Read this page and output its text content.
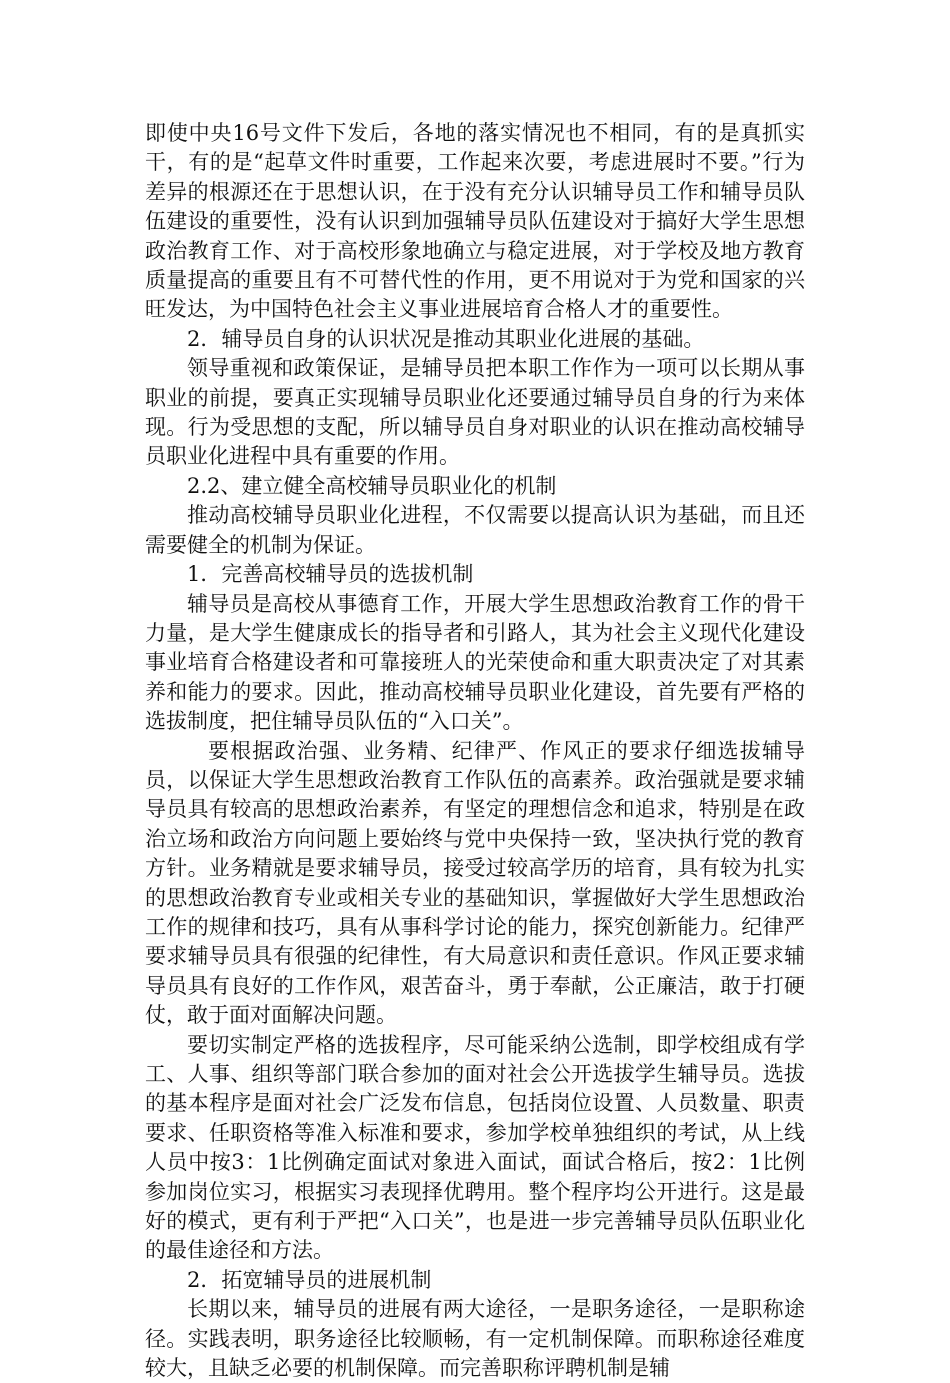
即使中央16号文件下发后，各地的落实情况也不相同，有的是真抓实干，有的是“起草文件时重要，工作起来次要，考虑进展时不要。”行为差异的根源还在于思想认识，在于没有充分认识辅导员工作和辅导员队伍建设的重要性，没有认识到加强辅导员队伍建设对于搞好大学生思想政治教育工作、对于高校形象地确立与稳定进展，对于学校及地方教育质量提高的重要且有不可替代性的作用，更不用说对于为党和国家的兴旺发达，为中国特色社会主义事业进展培育合格人才的重要性。

2．辅导员自身的认识状况是推动其职业化进展的基础。

领导重视和政策保证，是辅导员把本职工作作为一项可以长期从事职业的前提，要真正实现辅导员职业化还要通过辅导员自身的行为来体现。行为受思想的支配，所以辅导员自身对职业的认识在推动高校辅导员职业化进程中具有重要的作用。

2.2、建立健全高校辅导员职业化的机制

推动高校辅导员职业化进程，不仅需要以提高认识为基础，而且还需要健全的机制为保证。

1．完善高校辅导员的选拔机制

辅导员是高校从事德育工作，开展大学生思想政治教育工作的骨干力量，是大学生健康成长的指导者和引路人，其为社会主义现代化建设事业培育合格建设者和可靠接班人的光荣使命和重大职责决定了对其素养和能力的要求。因此，推动高校辅导员职业化建设，首先要有严格的选拔制度，把住辅导员队伍的“入口关”。

要根据政治强、业务精、纪律严、作风正的要求仔细选拔辅导员，以保证大学生思想政治教育工作队伍的高素养。政治强就是要求辅导员具有较高的思想政治素养，有坚定的理想信念和追求，特别是在政治立场和政治方向问题上要始终与党中央保持一致，坚决执行党的教育方针。业务精就是要求辅导员，接受过较高学历的培育，具有较为扎实的思想政治教育专业或相关专业的基础知识，掌握做好大学生思想政治工作的规律和技巧，具有从事科学讨论的能力，探究创新能力。纪律严要求辅导员具有很强的纪律性，有大局意识和责任意识。作风正要求辅导员具有良好的工作作风，艰苦奋斗，勇于奉献，公正廉洁，敢于打硬仗，敢于面对面解决问题。

要切实制定严格的选拔程序，尽可能采纳公选制，即学校组成有学工、人事、组织等部门联合参加的面对社会公开选拔学生辅导员。选拔的基本程序是面对社会广泛发布信息，包括岗位设置、人员数量、职责要求、任职资格等准入标准和要求，参加学校单独组织的考试，从上线人员中按3：1比例确定面试对象进入面试，面试合格后，按2：1比例参加岗位实习，根据实习表现择优聘用。整个程序均公开进行。这是最好的模式，更有利于严把“入口关”，也是进一步完善辅导员队伍职业化的最佳途径和方法。

2．拓宽辅导员的进展机制

长期以来，辅导员的进展有两大途径，一是职务途径，一是职称途径。实践表明，职务途径比较顺畅，有一定机制保障。而职称途径难度较大，且缺乏必要的机制保障。而完善职称评聘机制是辅
